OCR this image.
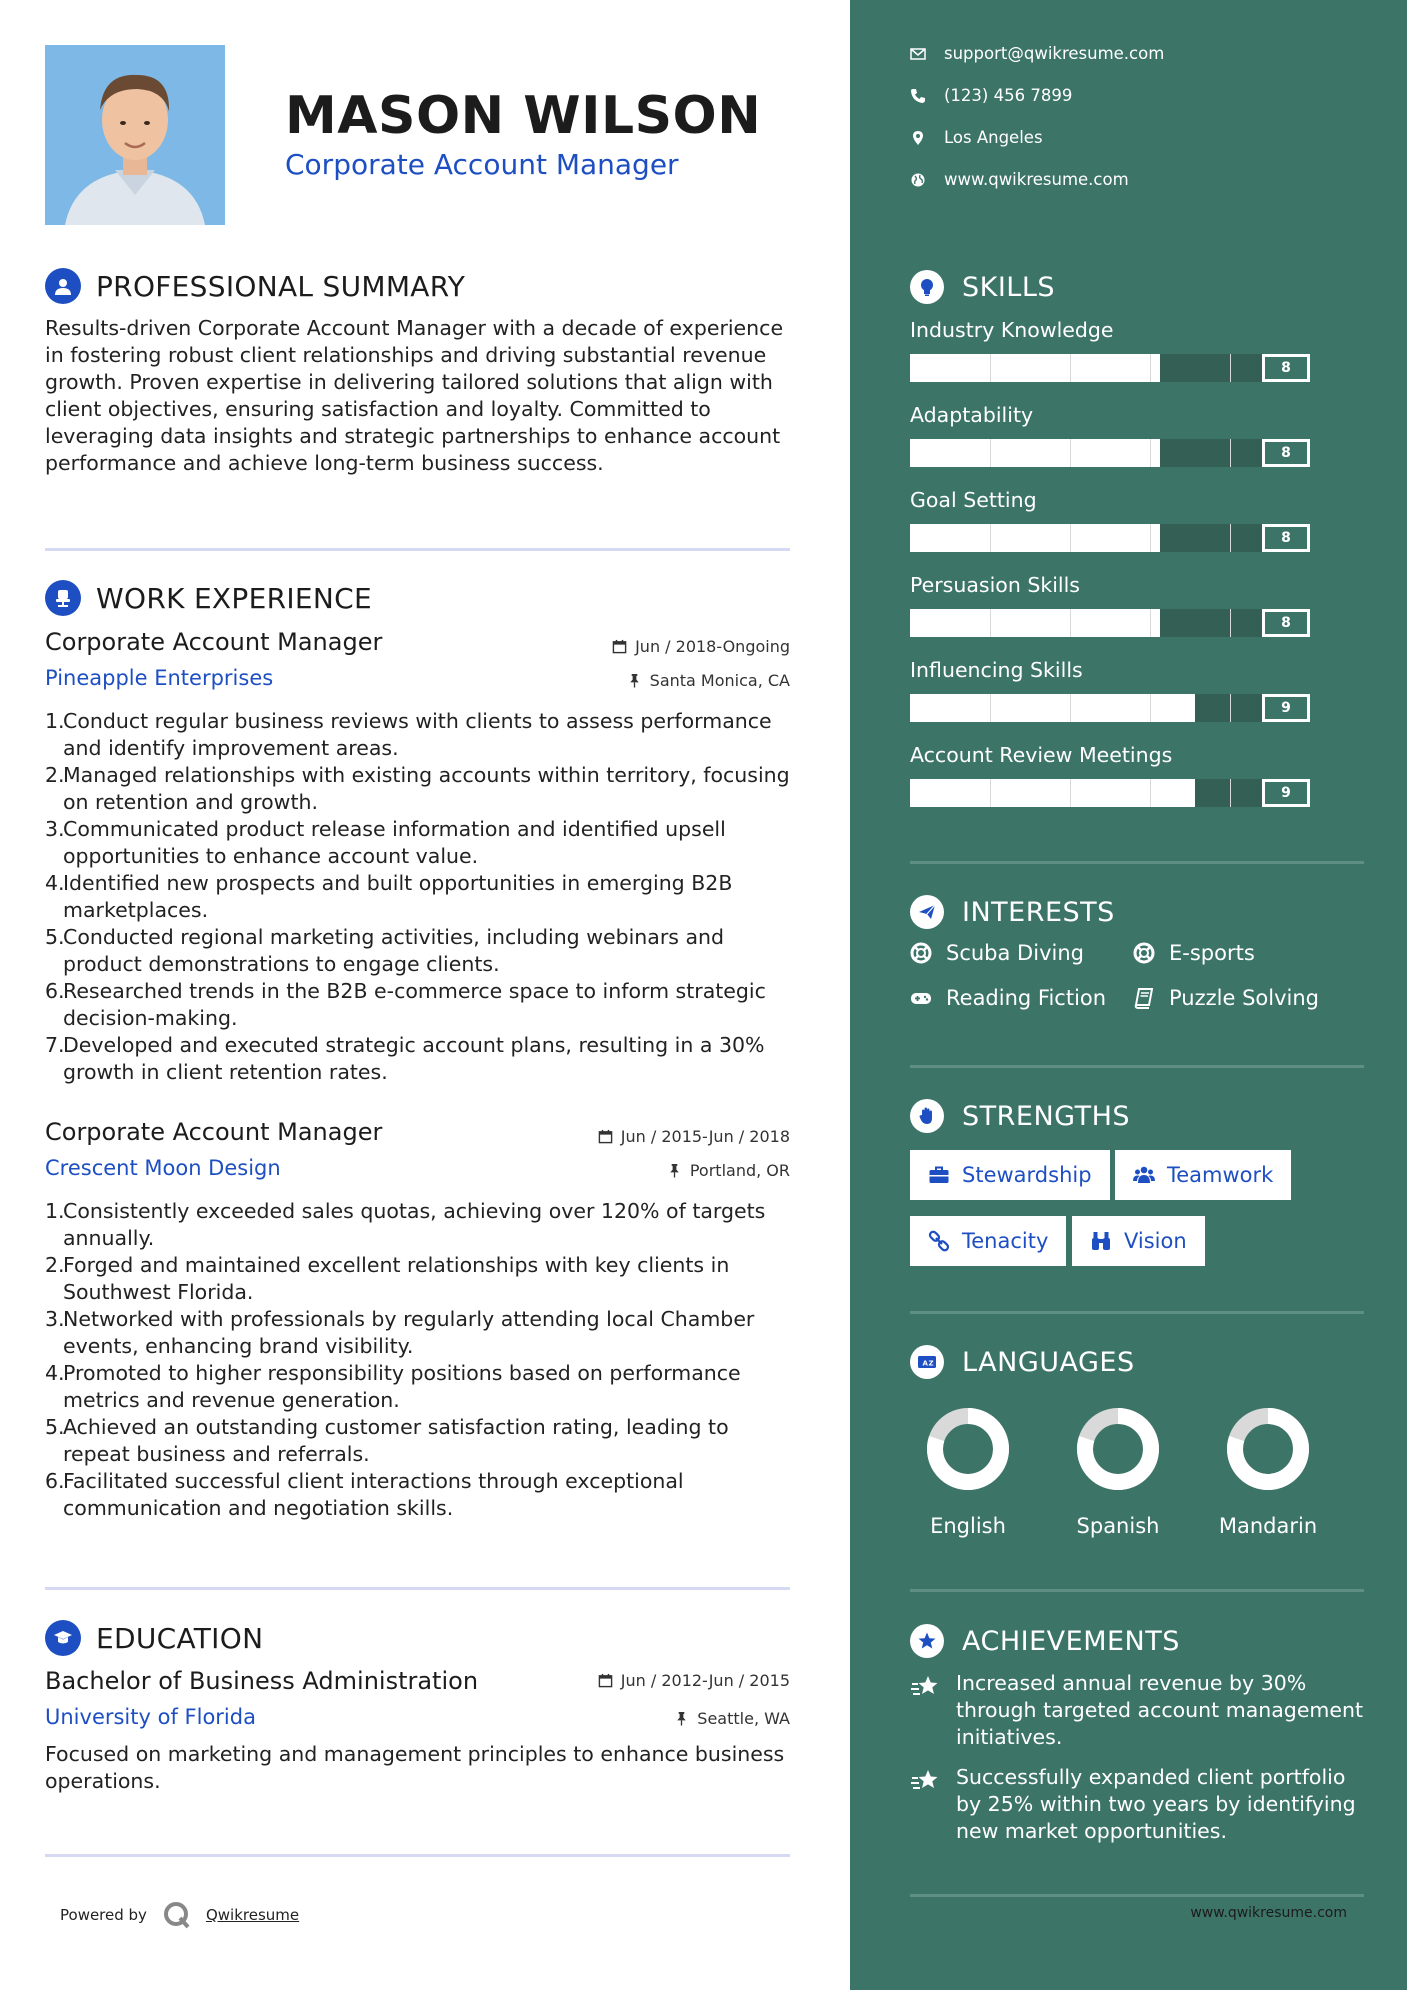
MASON WILSON
Corporate Account Manager
PROFESSIONAL SUMMARY
Results-driven Corporate Account Manager with a decade of experience in fostering robust client relationships and driving substantial revenue growth. Proven expertise in delivering tailored solutions that align with client objectives, ensuring satisfaction and loyalty. Committed to leveraging data insights and strategic partnerships to enhance account performance and achieve long-term business success.
WORK EXPERIENCE
Corporate Account Manager	Jun / 2018-Ongoing
Pineapple Enterprises	Santa Monica, CA
1.
Conduct regular business reviews with clients to assess performance and identify improvement areas.
2.
Managed relationships with existing accounts within territory, focusing on retention and growth.
3.
Communicated product release information and identified upsell opportunities to enhance account value.
4.
Identified new prospects and built opportunities in emerging B2B marketplaces.
5.
Conducted regional marketing activities, including webinars and product demonstrations to engage clients.
6.
Researched trends in the B2B e-commerce space to inform strategic decision-making.
7.
Developed and executed strategic account plans, resulting in a 30% growth in client retention rates.
Corporate Account Manager	Jun / 2015-Jun / 2018
Crescent Moon Design	Portland, OR
1.
Consistently exceeded sales quotas, achieving over 120% of targets annually.
2.
Forged and maintained excellent relationships with key clients in Southwest Florida.
3.
Networked with professionals by regularly attending local Chamber events, enhancing brand visibility.
4.
Promoted to higher responsibility positions based on performance metrics and revenue generation.
5.
Achieved an outstanding customer satisfaction rating, leading to repeat business and referrals.
6.
Facilitated successful client interactions through exceptional communication and negotiation skills.
EDUCATION
Bachelor of Business Administration	Jun / 2012-Jun / 2015
University of Florida	Seattle, WA
Focused on marketing and management principles to enhance business operations.
Powered by	Qwikresume
support@qwikresume.com
(123) 456 7899
Los Angeles
www.qwikresume.com
SKILLS
Industry Knowledge
8
Adaptability
8
Goal Setting
8
Persuasion Skills
8
Influencing Skills
9
Account Review Meetings
9
INTERESTS
Scuba Diving	E-sports
Reading Fiction	Puzzle Solving
STRENGTHS
Stewardship	Teamwork
Tenacity	Vision
A Z LANGUAGES
English	Spanish	Mandarin
ACHIEVEMENTS
Increased annual revenue by 30% through targeted account management initiatives.
Successfully expanded client portfolio by 25% within two years by identifying new market opportunities.
www.qwikresume.com
